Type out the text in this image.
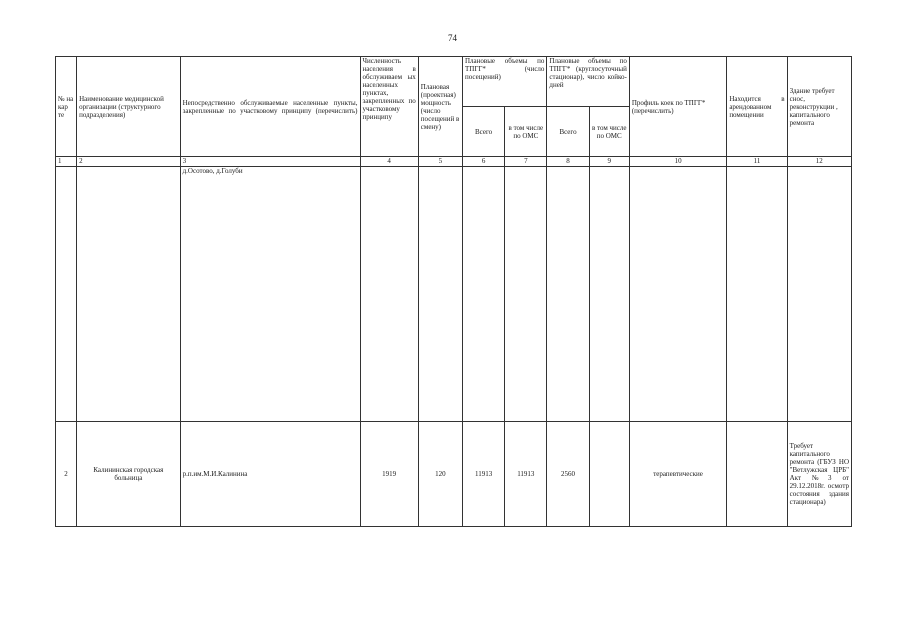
74
№ на кар те	Наименование медицинской организации (структурного подразделения)	Непосредственно обслуживаемые населенные пункты, закрепленные по участковому принципу (перечислить)	Численность населения в обслуживаем ых населенных пунктах, закрепленных по участковому принципу	Плановая (проектная) мощность (число посещений в смену)	Плановые объемы по ТПГГ* (число посещений)		Плановые объемы по ТПГГ* (круглосуточный стационар), число койко-дней		Профиль коек по ТПГГ* (перечислить)	Находится в арендованном помещении	Здание требует снос, реконструкции , капитального ремонта
					Всего	в том числе по ОМС	Всего	в том числе по ОМС			
1	2	3	4	5	6	7	8	9	10	11	12
		д.Осотово, д.Голуби									
2	Калининская городская больница	р.п.им.М.И.Калинина	1919	120	11913	11913	2560		терапевтические		Требует капитального ремонта (ГБУЗ НО "Ветлужская ЦРБ" Акт №3 от 29.12.2018г. осмотр состояния здания стационара)
